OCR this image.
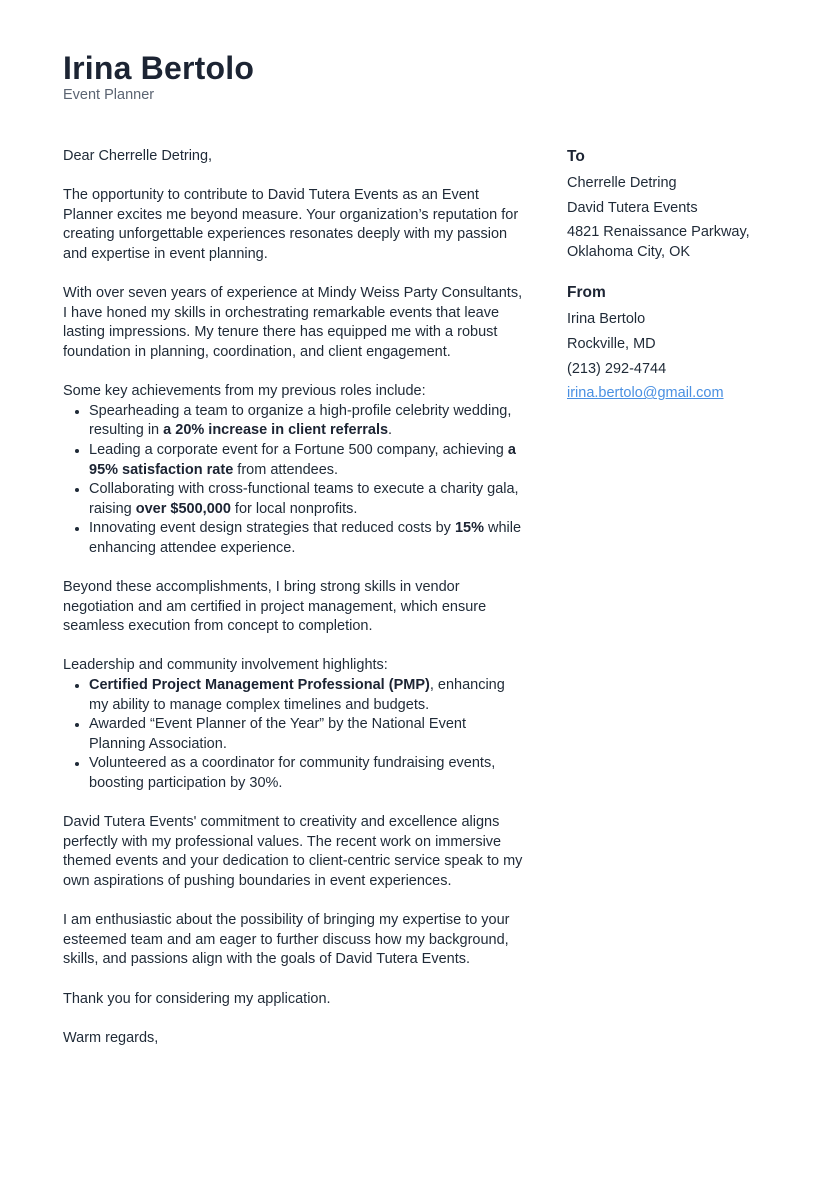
Irina Bertolo
Event Planner

Dear Cherrelle Detring,

The opportunity to contribute to David Tutera Events as an Event Planner excites me beyond measure. Your organization’s reputation for creating unforgettable experiences resonates deeply with my passion and expertise in event planning.

With over seven years of experience at Mindy Weiss Party Consultants, I have honed my skills in orchestrating remarkable events that leave lasting impressions. My tenure there has equipped me with a robust foundation in planning, coordination, and client engagement.

Some key achievements from my previous roles include:
• Spearheading a team to organize a high-profile celebrity wedding, resulting in a 20% increase in client referrals.
• Leading a corporate event for a Fortune 500 company, achieving a 95% satisfaction rate from attendees.
• Collaborating with cross-functional teams to execute a charity gala, raising over $500,000 for local nonprofits.
• Innovating event design strategies that reduced costs by 15% while enhancing attendee experience.

Beyond these accomplishments, I bring strong skills in vendor negotiation and am certified in project management, which ensure seamless execution from concept to completion.

Leadership and community involvement highlights:
• Certified Project Management Professional (PMP), enhancing my ability to manage complex timelines and budgets.
• Awarded “Event Planner of the Year” by the National Event Planning Association.
• Volunteered as a coordinator for community fundraising events, boosting participation by 30%.

David Tutera Events' commitment to creativity and excellence aligns perfectly with my professional values. The recent work on immersive themed events and your dedication to client-centric service speak to my own aspirations of pushing boundaries in event experiences.

I am enthusiastic about the possibility of bringing my expertise to your esteemed team and am eager to further discuss how my background, skills, and passions align with the goals of David Tutera Events.

Thank you for considering my application.

Warm regards,

To
Cherrelle Detring
David Tutera Events
4821 Renaissance Parkway, Oklahoma City, OK
From
Irina Bertolo
Rockville, MD
(213) 292-4744
irina.bertolo@gmail.com
